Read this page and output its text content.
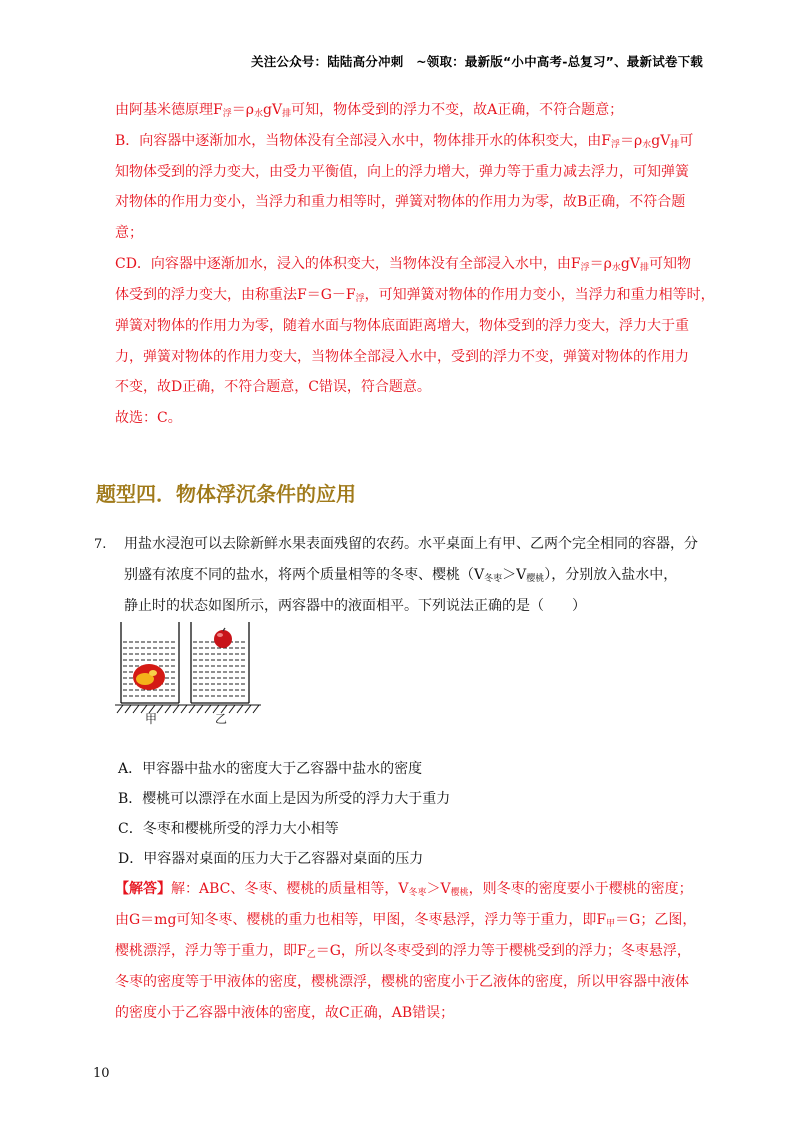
关注公众号：陆陆高分冲刺　~领取：最新版“小中高考-总复习”、最新试卷下载
由阿基米德原理$F_浮=\rho_水gV_排$可知，物体受到的浮力不变，故A正确，不符合题意；
B．向容器中逐渐加水，当物体没有全部浸入水中，物体排开水的体积变大，由$F_浮=\rho_水gV_排$可
知物体受到的浮力变大，由受力平衡值，向上的浮力增大，弹力等于重力减去浮力，可知弹簧
对物体的作用力变小，当浮力和重力相等时，弹簧对物体的作用力为零，故B正确，不符合题
意；
CD．向容器中逐渐加水，浸入的体积变大，当物体没有全部浸入水中，由$F_浮=\rho_水gV_排$可知物
体受到的浮力变大，由称重法$F=G-F_浮$，可知弹簧对物体的作用力变小，当浮力和重力相等时，
弹簧对物体的作用力为零，随着水面与物体底面距离增大，物体受到的浮力变大，浮力大于重
力，弹簧对物体的作用力变大，当物体全部浸入水中，受到的浮力不变，弹簧对物体的作用力
不变，故D正确，不符合题意，C错误，符合题意。
故选：C。
题型四．物体浮沉条件的应用
7. 用盐水浸泡可以去除新鲜水果表面残留的农药。水平桌面上有甲、乙两个完全相同的容器，分
别盛有浓度不同的盐水，将两个质量相等的冬枣、樱桃$(V_{冬枣}>V_{樱桃})$，分别放入盐水中，
静止时的状态如图所示，两容器中的液面相平。下列说法正确的是（　　）
甲	乙
A．甲容器中盐水的密度大于乙容器中盐水的密度
B．樱桃可以漂浮在水面上是因为所受的浮力大于重力
C．冬枣和樱桃所受的浮力大小相等
D．甲容器对桌面的压力大于乙容器对桌面的压力
【解答】解：ABC、冬枣、樱桃的质量相等，$V_{冬枣}>V_{樱桃}$，则冬枣的密度要小于樱桃的密度；
由G＝mg可知冬枣、樱桃的重力也相等，甲图，冬枣悬浮，浮力等于重力，即$F_甲=G$；乙图，
樱桃漂浮，浮力等于重力，即$F_乙=G$，所以冬枣受到的浮力等于樱桃受到的浮力；冬枣悬浮，
冬枣的密度等于甲液体的密度，樱桃漂浮，樱桃的密度小于乙液体的密度，所以甲容器中液体
的密度小于乙容器中液体的密度，故C正确，AB错误；
10
